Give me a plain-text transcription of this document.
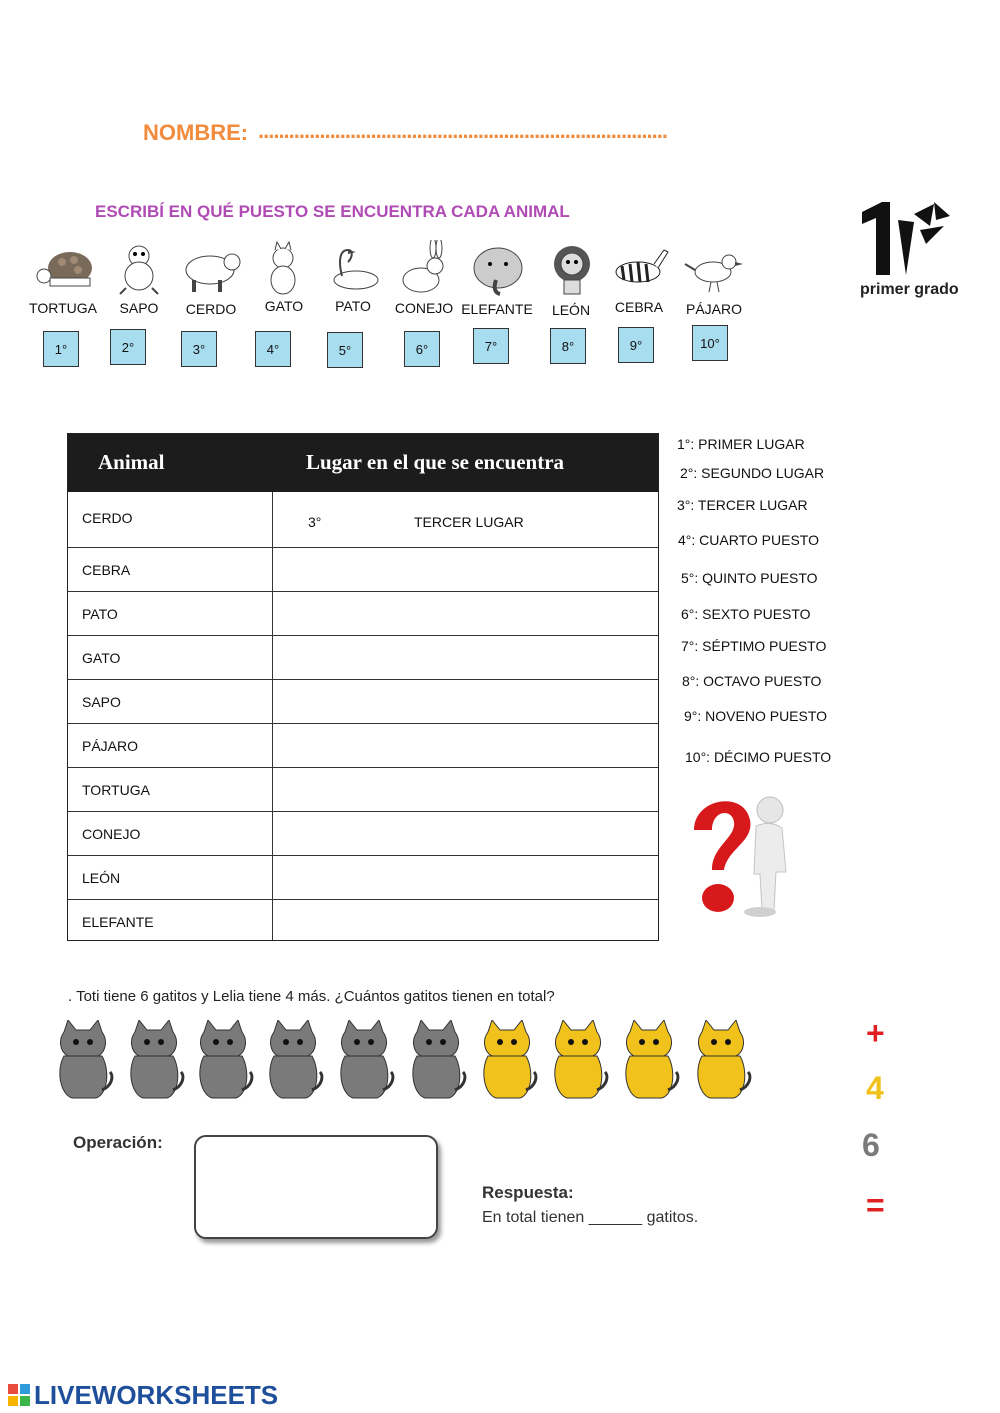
NOMBRE: ................................................................................
ESCRIBÍ EN QUÉ PUESTO SE ENCUENTRA CADA ANIMAL
primer grado
TORTUGA
1°
SAPO
2°
CERDO
3°
GATO
4°
PATO
5°
CONEJO
6°
ELEFANTE
7°
LEÓN
8°
CEBRA
9°
PÁJARO
10°
Animal	Lugar en el que se encuentra
CERDO	3°	TERCER LUGAR
CEBRA
PATO
GATO
SAPO
PÁJARO
TORTUGA
CONEJO
LEÓN
ELEFANTE
1°: PRIMER LUGAR
2°: SEGUNDO LUGAR
3°: TERCER LUGAR
4°: CUARTO PUESTO
5°: QUINTO PUESTO
6°: SEXTO PUESTO
7°: SÉPTIMO PUESTO
8°: OCTAVO PUESTO
9°: NOVENO PUESTO
10°: DÉCIMO PUESTO
. Toti tiene 6 gatitos y Lelia tiene 4 más. ¿Cuántos gatitos tienen en total?
+
4
6
=
Operación:
Respuesta:
En total tienen ______ gatitos.
LIVEWORKSHEETS
